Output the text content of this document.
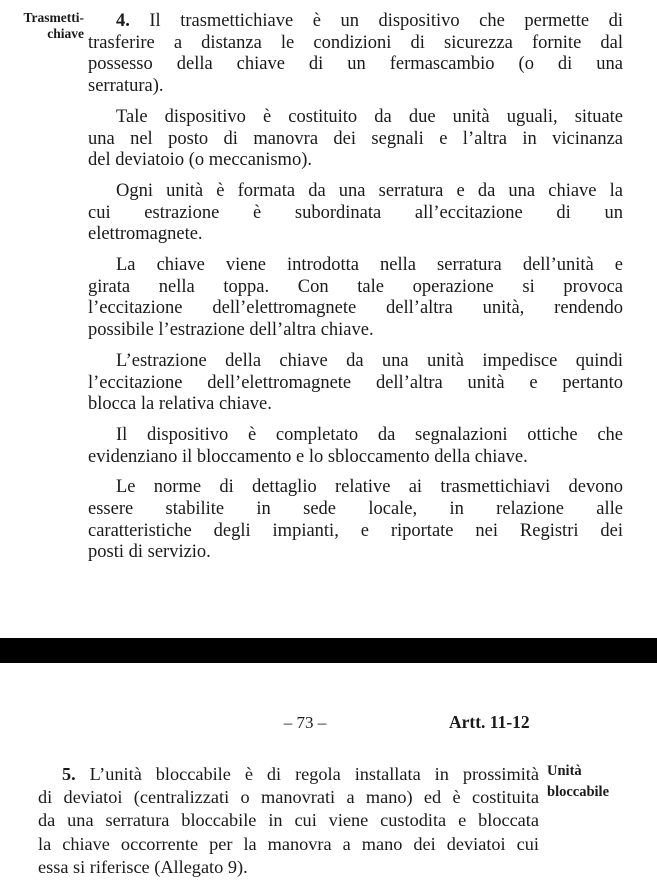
Trasmetti-
chiave
4. Il trasmettichiave è un dispositivo che permette di
trasferire a distanza le condizioni di sicurezza fornite dal
possesso della chiave di un fermascambio (o di una
serratura).
Tale dispositivo è costituito da due unità uguali, situate
una nel posto di manovra dei segnali e l’altra in vicinanza
del deviatoio (o meccanismo).
Ogni unità è formata da una serratura e da una chiave la
cui estrazione è subordinata all’eccitazione di un
elettromagnete.
La chiave viene introdotta nella serratura dell’unità e
girata nella toppa. Con tale operazione si provoca
l’eccitazione dell’elettromagnete dell’altra unità, rendendo
possibile l’estrazione dell’altra chiave.
L’estrazione della chiave da una unità impedisce quindi
l’eccitazione dell’elettromagnete dell’altra unità e pertanto
blocca la relativa chiave.
Il dispositivo è completato da segnalazioni ottiche che
evidenziano il bloccamento e lo sbloccamento della chiave.
Le norme di dettaglio relative ai trasmettichiavi devono
essere stabilite in sede locale, in relazione alle
caratteristiche degli impianti, e riportate nei Registri dei
posti di servizio.
– 73 –	Artt. 11-12
5. L’unità bloccabile è di regola installata in prossimità
di deviatoi (centralizzati o manovrati a mano) ed è costituita
da una serratura bloccabile in cui viene custodita e bloccata
la chiave occorrente per la manovra a mano dei deviatoi cui
essa si riferisce (Allegato 9).
Unità
bloccabile
